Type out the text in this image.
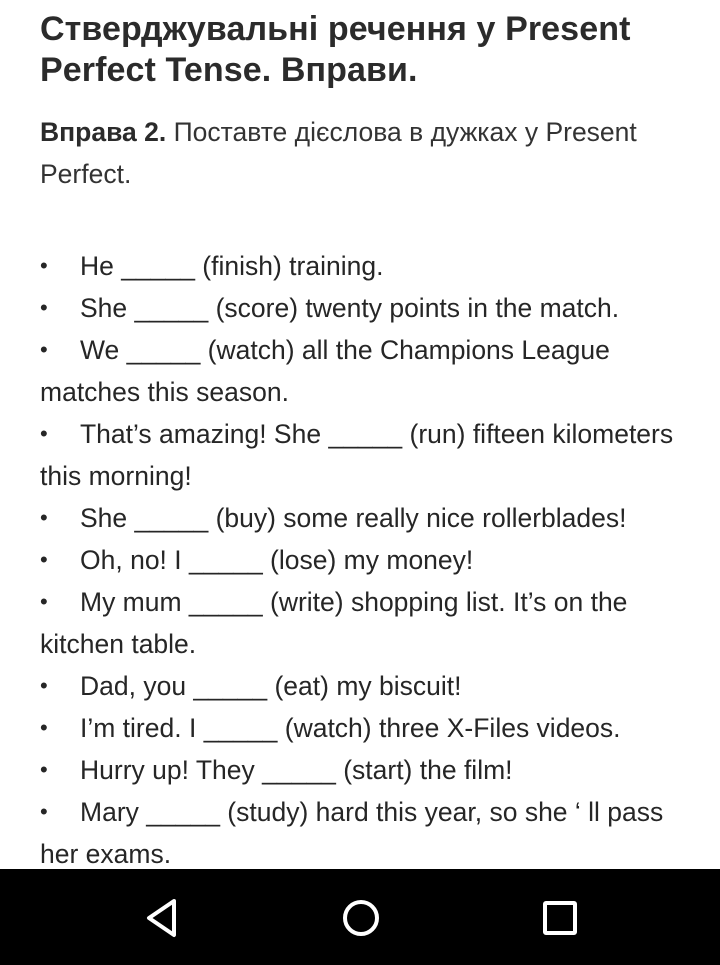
Стверджувальні речення у Present Perfect Tense. Вправи.

Вправа 2. Поставте дієслова в дужках у Present Perfect.

• He _____ (finish) training.
• She _____ (score) twenty points in the match.
• We _____ (watch) all the Champions League matches this season.
• That’s amazing! She _____ (run) fifteen kilometers this morning!
• She _____ (buy) some really nice rollerblades!
• Oh, no! I _____ (lose) my money!
• My mum _____ (write) shopping list. It’s on the kitchen table.
• Dad, you _____ (eat) my biscuit!
• I’m tired. I _____ (watch) three X-Files videos.
• Hurry up! They _____ (start) the film!
• Mary _____ (study) hard this year, so she ‘ ll pass her exams.
